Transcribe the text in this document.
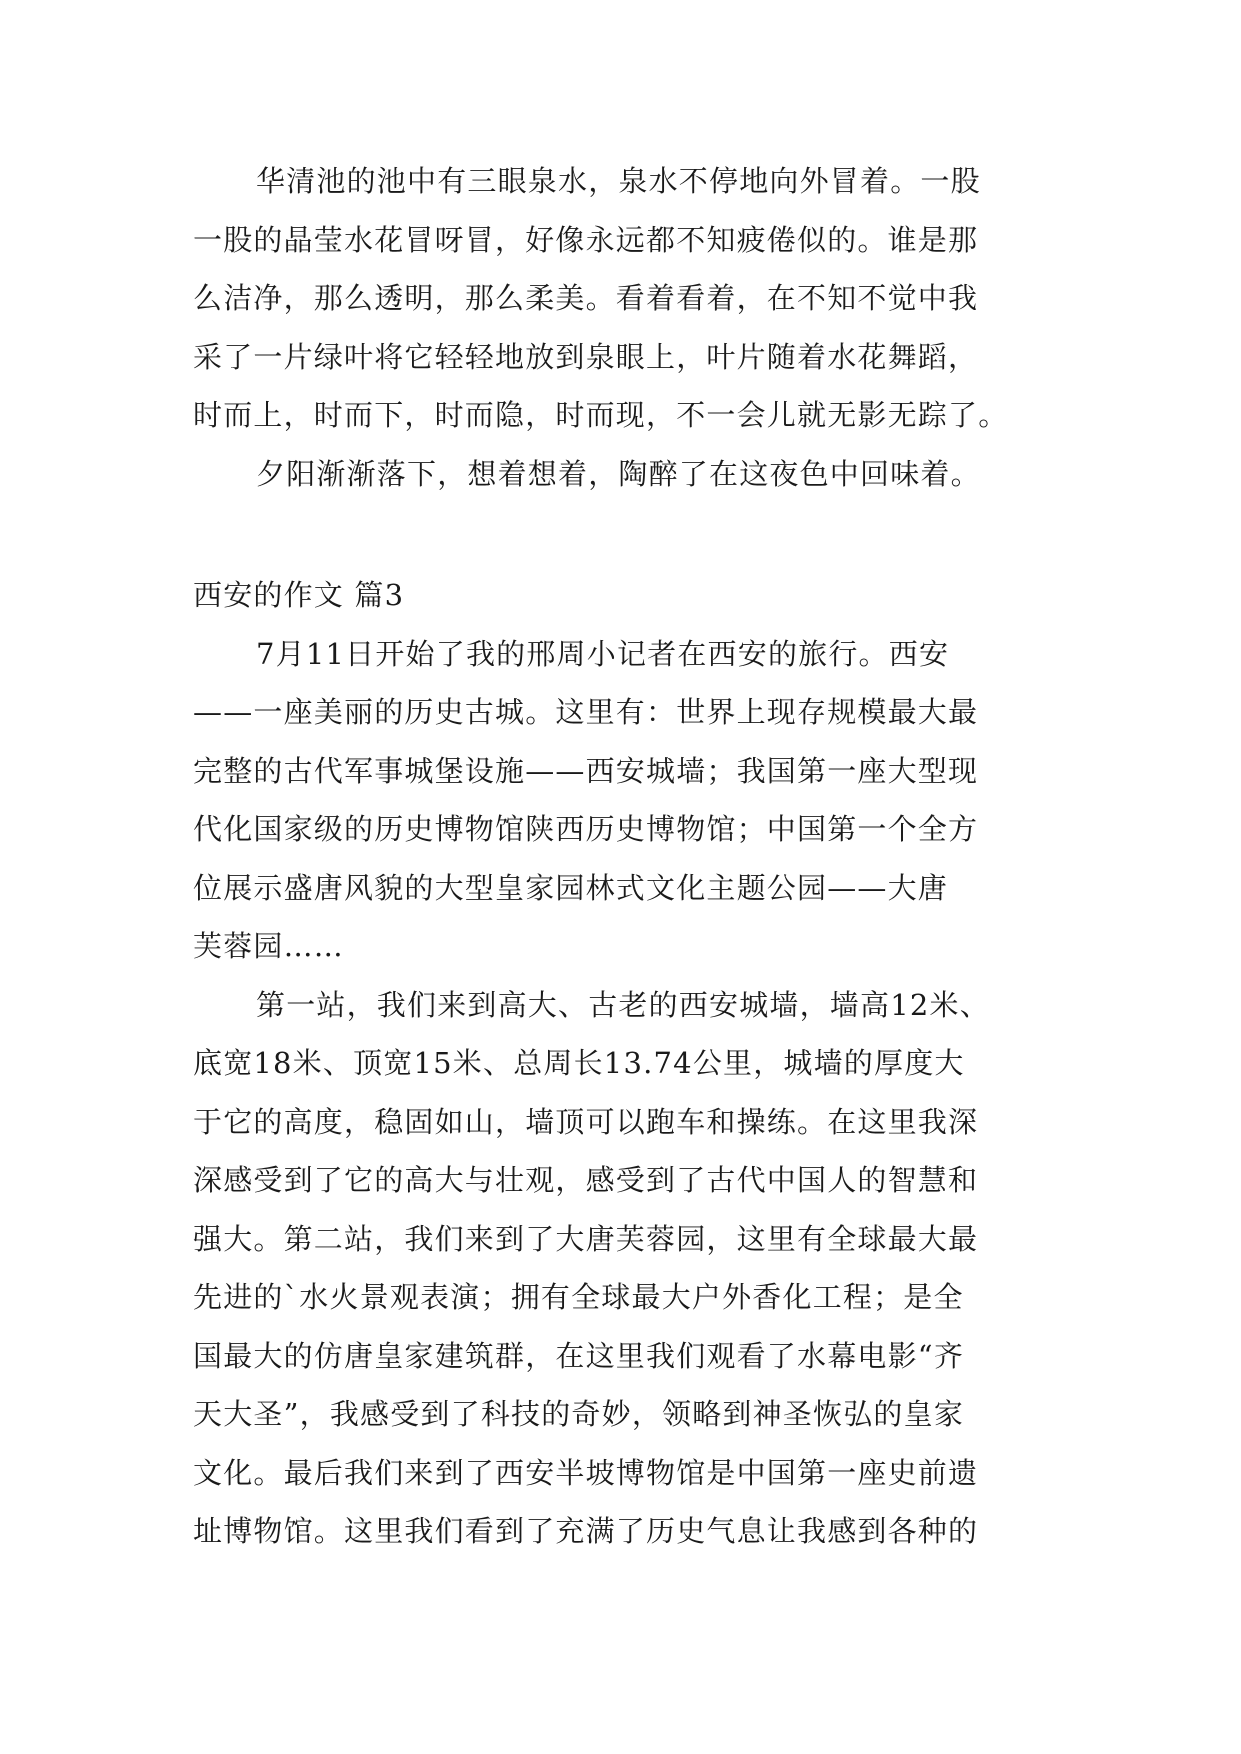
华清池的池中有三眼泉水，泉水不停地向外冒着。一股
一股的晶莹水花冒呀冒，好像永远都不知疲倦似的。谁是那
么洁净，那么透明，那么柔美。看着看着，在不知不觉中我
采了一片绿叶将它轻轻地放到泉眼上，叶片随着水花舞蹈，
时而上，时而下，时而隐，时而现，不一会儿就无影无踪了。
夕阳渐渐落下，想着想着，陶醉了在这夜色中回味着。
西安的作文 篇3
7月11日开始了我的邢周小记者在西安的旅行。西安
——一座美丽的历史古城。这里有：世界上现存规模最大最
完整的古代军事城堡设施——西安城墙；我国第一座大型现
代化国家级的历史博物馆陕西历史博物馆；中国第一个全方
位展示盛唐风貌的大型皇家园林式文化主题公园——大唐
芙蓉园……
第一站，我们来到高大、古老的西安城墙，墙高12米、
底宽18米、顶宽15米、总周长13.74公里，城墙的厚度大
于它的高度，稳固如山，墙顶可以跑车和操练。在这里我深
深感受到了它的高大与壮观，感受到了古代中国人的智慧和
强大。第二站，我们来到了大唐芙蓉园，这里有全球最大最
先进的`水火景观表演；拥有全球最大户外香化工程；是全
国最大的仿唐皇家建筑群，在这里我们观看了水幕电影“齐
天大圣”，我感受到了科技的奇妙，领略到神圣恢弘的皇家
文化。最后我们来到了西安半坡博物馆是中国第一座史前遗
址博物馆。这里我们看到了充满了历史气息让我感到各种的
